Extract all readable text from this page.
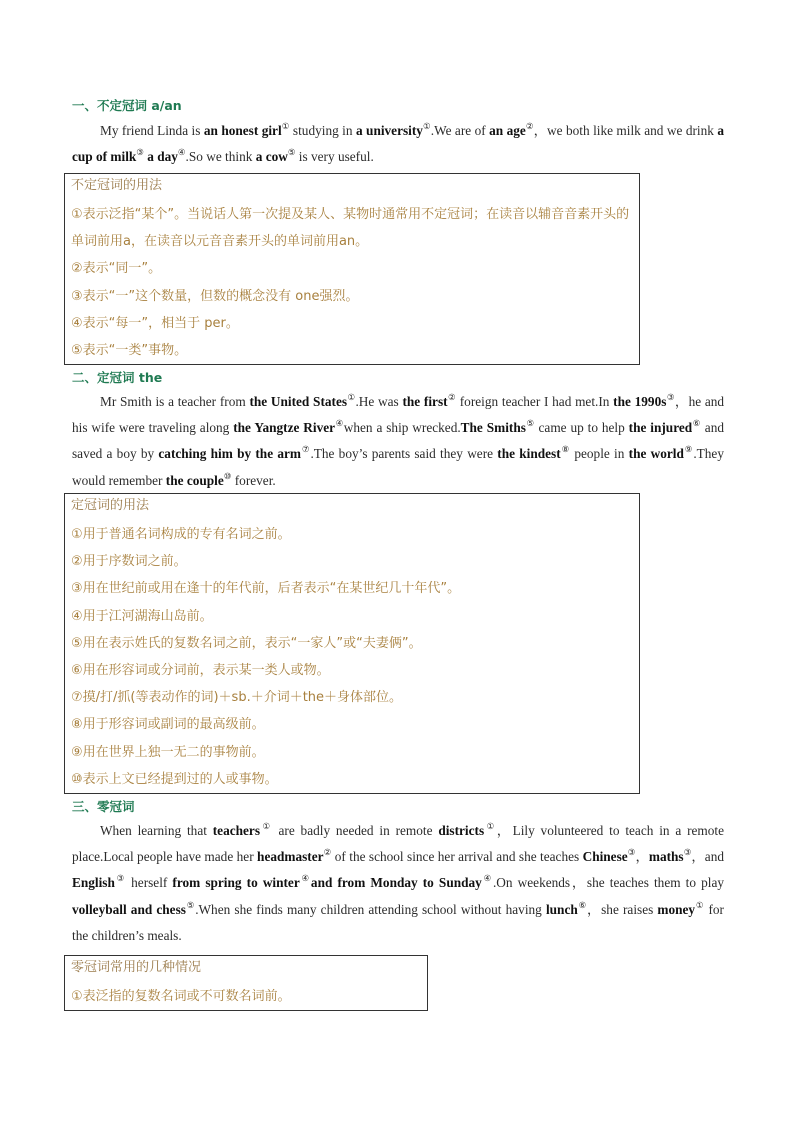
一、不定冠词 a/an
My friend Linda is an honest girl① studying in a university①.We are of an age②，we both like milk and we drink a cup of milk③ a day④.So we think a cow⑤ is very useful.
不定冠词的用法
①表示泛指“某个”。当说话人第一次提及某人、某物时通常用不定冠词；在读音以辅音音素开头的单词前用a，在读音以元音音素开头的单词前用an。
②表示“同一”。
③表示“一”这个数量，但数的概念没有 one强烈。
④表示“每一”，相当于 per。
⑤表示“一类”事物。
二、定冠词 the
Mr Smith is a teacher from the United States①.He was the first② foreign teacher I had met.In the 1990s③，he and his wife were traveling along the Yangtze River④when a ship wrecked.The Smiths⑤ came up to help the injured⑥ and saved a boy by catching him by the arm⑦.The boy’s parents said they were the kindest⑧ people in the world⑨.They would remember the couple⑩ forever.
定冠词的用法
①用于普通名词构成的专有名词之前。
②用于序数词之前。
③用在世纪前或用在逢十的年代前，后者表示“在某世纪几十年代”。
④用于江河湖海山岛前。
⑤用在表示姓氏的复数名词之前，表示“一家人”或“夫妻俩”。
⑥用在形容词或分词前，表示某一类人或物。
⑦摸/打/抓(等表动作的词)＋sb.＋介词＋the＋身体部位。
⑧用于形容词或副词的最高级前。
⑨用在世界上独一无二的事物前。
⑩表示上文已经提到过的人或事物。
三、零冠词
When learning that teachers① are badly needed in remote districts①，Lily volunteered to teach in a remote place.Local people have made her headmaster② of the school since her arrival and she teaches Chinese③，maths③，and English③ herself from spring to winter④and from Monday to Sunday④.On weekends，she teaches them to play volleyball and chess⑤.When she finds many children attending school without having lunch⑥，she raises money① for the children’s meals.
零冠词常用的几种情况
①表泛指的复数名词或不可数名词前。
